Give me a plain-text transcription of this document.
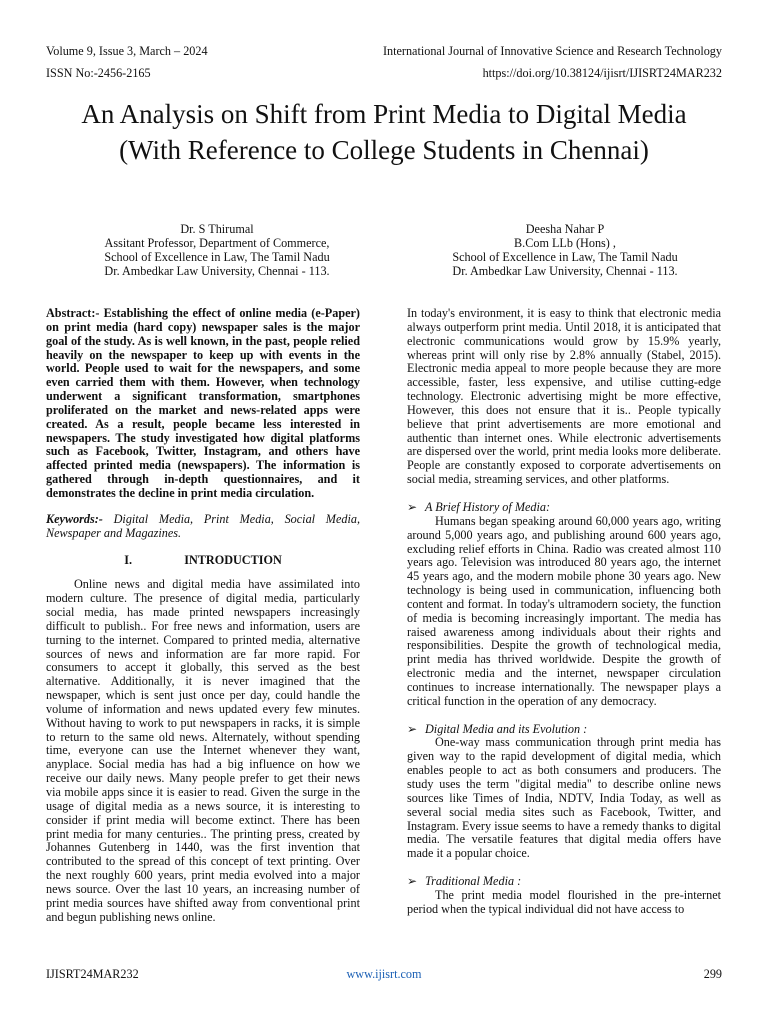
Volume 9, Issue 3, March – 2024	International Journal of Innovative Science and Research Technology
ISSN No:-2456-2165	https://doi.org/10.38124/ijisrt/IJISRT24MAR232
An Analysis on Shift from Print Media to Digital Media (With Reference to College Students in Chennai)
Dr. S Thirumal
Assitant Professor, Department of Commerce,
School of Excellence in Law, The Tamil Nadu
Dr. Ambedkar Law University, Chennai - 113.
Deesha Nahar P
B.Com LLb (Hons) ,
School of Excellence in Law, The Tamil Nadu
Dr. Ambedkar Law University, Chennai - 113.

Abstract:- Establishing the effect of online media (e-Paper) on print media (hard copy) newspaper sales is the major goal of the study. As is well known, in the past, people relied heavily on the newspaper to keep up with events in the world. People used to wait for the newspapers, and some even carried them with them. However, when technology underwent a significant transformation, smartphones proliferated on the market and news-related apps were created. As a result, people became less interested in newspapers. The study investigated how digital platforms such as Facebook, Twitter, Instagram, and others have affected printed media (newspapers). The information is gathered through in-depth questionnaires, and it demonstrates the decline in print media circulation.

Keywords:- Digital Media, Print Media, Social Media, Newspaper and Magazines.

I.	INTRODUCTION

Online news and digital media have assimilated into modern culture. The presence of digital media, particularly social media, has made printed newspapers increasingly difficult to publish.. For free news and information, users are turning to the internet. Compared to printed media, alternative sources of news and information are far more rapid. For consumers to accept it globally, this served as the best alternative. Additionally, it is never imagined that the newspaper, which is sent just once per day, could handle the volume of information and news updated every few minutes. Without having to work to put newspapers in racks, it is simple to return to the same old news. Alternately, without spending time, everyone can use the Internet whenever they want, anyplace. Social media has had a big influence on how we receive our daily news. Many people prefer to get their news via mobile apps since it is easier to read. Given the surge in the usage of digital media as a news source, it is interesting to consider if print media will become extinct. There has been print media for many centuries.. The printing press, created by Johannes Gutenberg in 1440, was the first invention that contributed to the spread of this concept of text printing. Over the next roughly 600 years, print media evolved into a major news source. Over the last 10 years, an increasing number of print media sources have shifted away from conventional print and begun publishing news online.

In today's environment, it is easy to think that electronic media always outperform print media. Until 2018, it is anticipated that electronic communications would grow by 15.9% yearly, whereas print will only rise by 2.8% annually (Stabel, 2015). Electronic media appeal to more people because they are more accessible, faster, less expensive, and utilise cutting-edge technology. Electronic advertising might be more effective, However, this does not ensure that it is.. People typically believe that print advertisements are more emotional and authentic than internet ones. While electronic advertisements are dispersed over the world, print media looks more deliberate. People are constantly exposed to corporate advertisements on social media, streaming services, and other platforms.

➢ A Brief History of Media:

Humans began speaking around 60,000 years ago, writing around 5,000 years ago, and publishing around 600 years ago, excluding relief efforts in China. Radio was created almost 110 years ago. Television was introduced 80 years ago, the internet 45 years ago, and the modern mobile phone 30 years ago. New technology is being used in communication, influencing both content and format. In today's ultramodern society, the function of media is becoming increasingly important. The media has raised awareness among individuals about their rights and responsibilities. Despite the growth of technological media, print media has thrived worldwide. Despite the growth of electronic media and the internet, newspaper circulation continues to increase internationally. The newspaper plays a critical function in the operation of any democracy.

➢ Digital Media and its Evolution :

One-way mass communication through print media has given way to the rapid development of digital media, which enables people to act as both consumers and producers. The study uses the term "digital media" to describe online news sources like Times of India, NDTV, India Today, as well as several social media sites such as Facebook, Twitter, and Instagram. Every issue seems to have a remedy thanks to digital media. The versatile features that digital media offers have made it a popular choice.

➢ Traditional Media :

The print media model flourished in the pre-internet period when the typical individual did not have access to

IJISRT24MAR232	www.ijisrt.com	299
